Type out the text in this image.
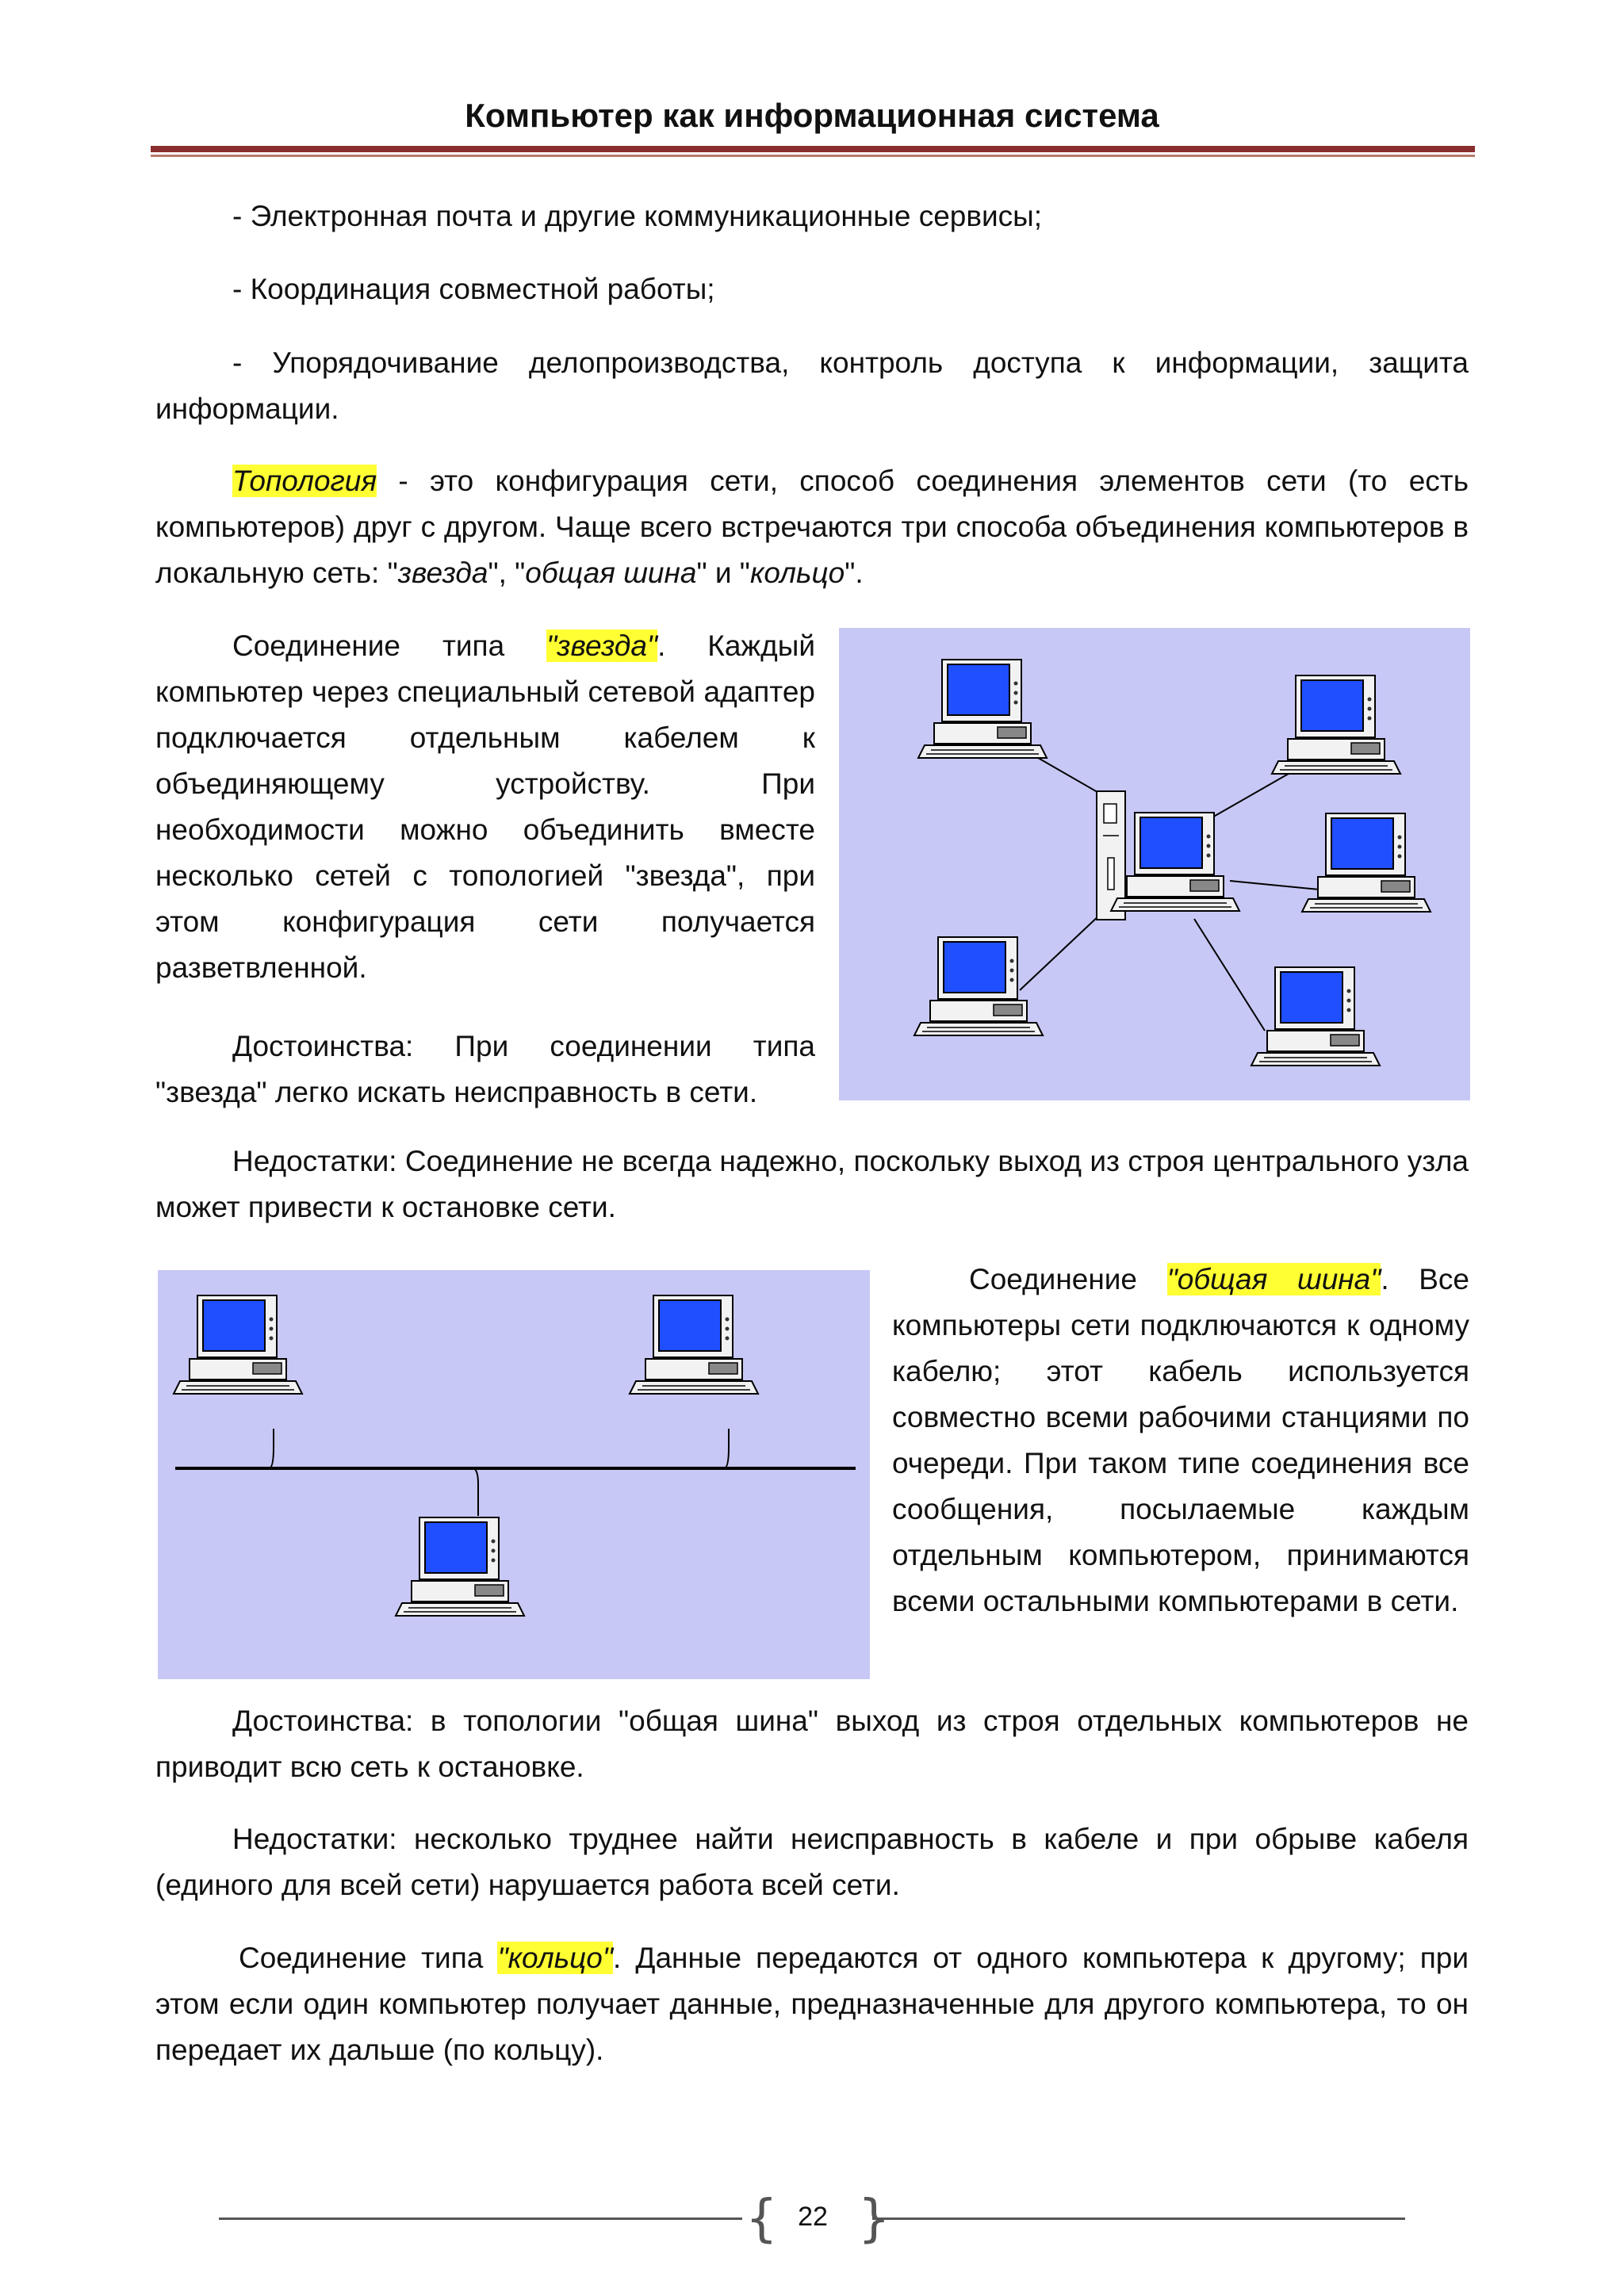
Компьютер как информационная система

- Электронная почта и другие коммуникационные сервисы;

- Координация совместной работы;

- Упорядочивание делопроизводства, контроль доступа к информации, защита информации.

Топология - это конфигурация сети, способ соединения элементов сети (то есть компьютеров) друг с другом. Чаще всего встречаются три способа объединения компьютеров в локальную сеть: "звезда", "общая шина" и "кольцо".

Соединение типа "звезда". Каждый компьютер через специальный сетевой адаптер подключается отдельным кабелем к объединяющему устройству. При необходимости можно объединить вместе несколько сетей с топологией "звезда", при этом конфигурация сети получается разветвленной.

Достоинства: При соединении типа "звезда" легко искать неисправность в сети.

Недостатки: Соединение не всегда надежно, поскольку выход из строя центрального узла может привести к остановке сети.

Соединение "общая шина". Все компьютеры сети подключаются к одному кабелю; этот кабель используется совместно всеми рабочими станциями по очереди. При таком типе соединения все сообщения, посылаемые каждым отдельным компьютером, принимаются всеми остальными компьютерами в сети.

Достоинства: в топологии "общая шина" выход из строя отдельных компьютеров не приводит всю сеть к остановке.

Недостатки: несколько труднее найти неисправность в кабеле и при обрыве кабеля (единого для всей сети) нарушается работа всей сети.

Соединение типа "кольцо". Данные передаются от одного компьютера к другому; при этом если один компьютер получает данные, предназначенные для другого компьютера, то он передает их дальше (по кольцу).

{ }
22
